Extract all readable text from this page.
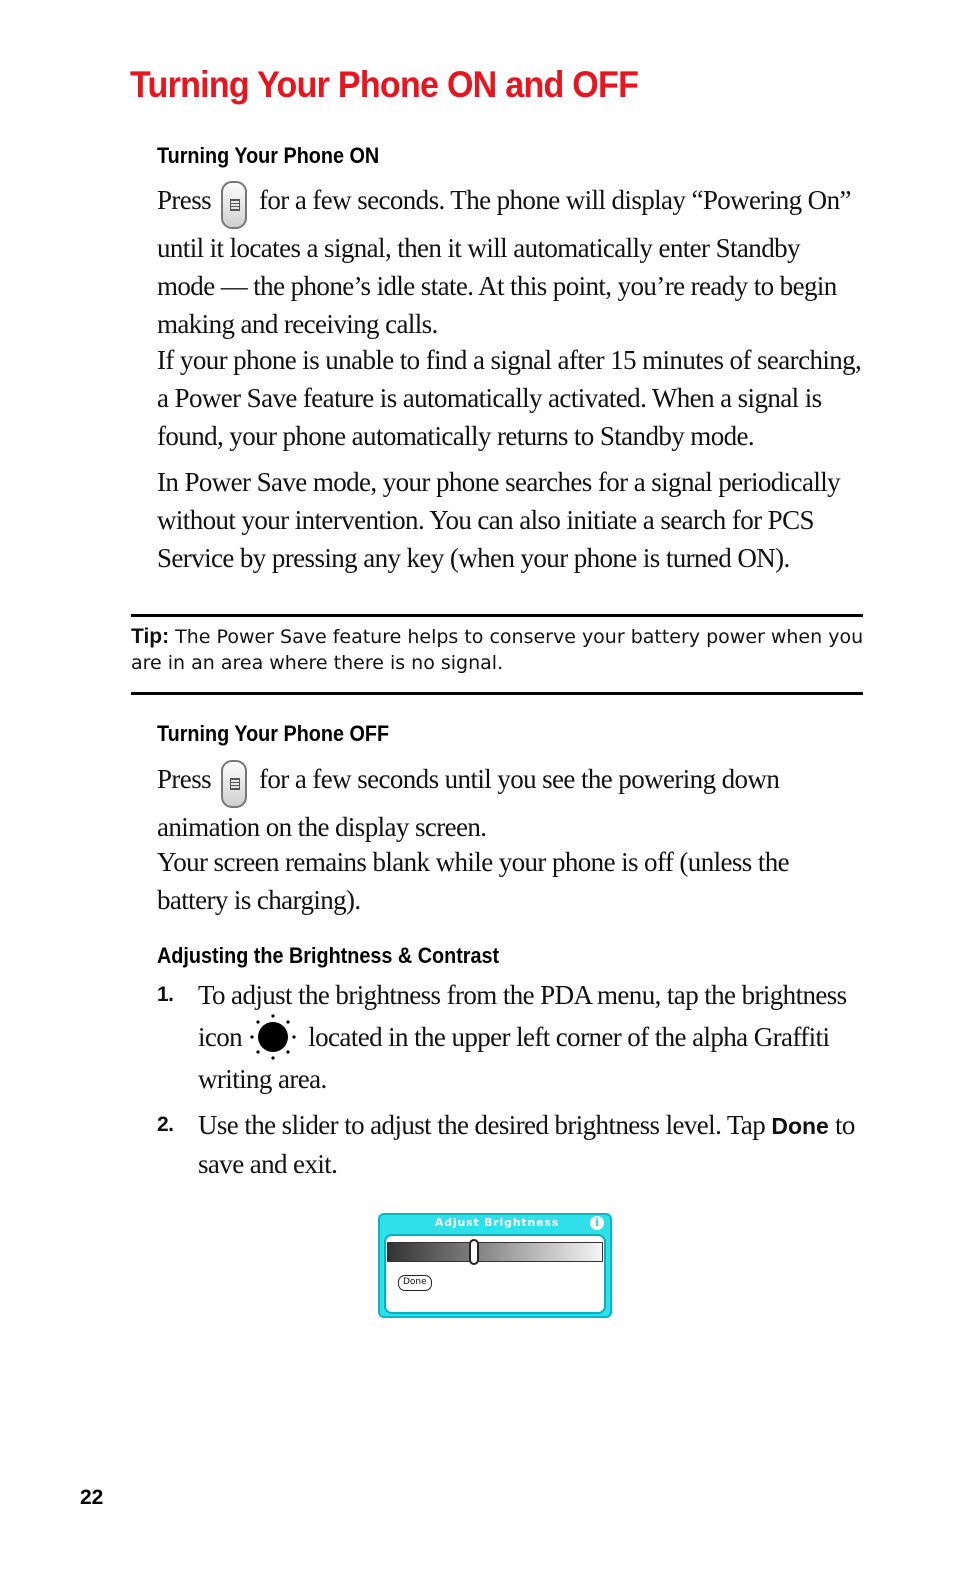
Turning Your Phone ON and OFF
Turning Your Phone ON

Press for a few seconds. The phone will display “Powering On” until it locates a signal, then it will automatically enter Standby mode — the phone’s idle state. At this point, you’re ready to begin making and receiving calls.

If your phone is unable to find a signal after 15 minutes of searching, a Power Save feature is automatically activated. When a signal is found, your phone automatically returns to Standby mode.

In Power Save mode, your phone searches for a signal periodically without your intervention. You can also initiate a search for PCS Service by pressing any key (when your phone is turned ON).

Tip: The Power Save feature helps to conserve your battery power when you are in an area where there is no signal.

Turning Your Phone OFF

Press for a few seconds until you see the powering down animation on the display screen.

Your screen remains blank while your phone is off (unless the battery is charging).

Adjusting the Brightness & Contrast

1. To adjust the brightness from the PDA menu, tap the brightness icon located in the upper left corner of the alpha Graffiti writing area.

2. Use the slider to adjust the desired brightness level. Tap Done to save and exit.

Adjust Brightness	i
Done
22
